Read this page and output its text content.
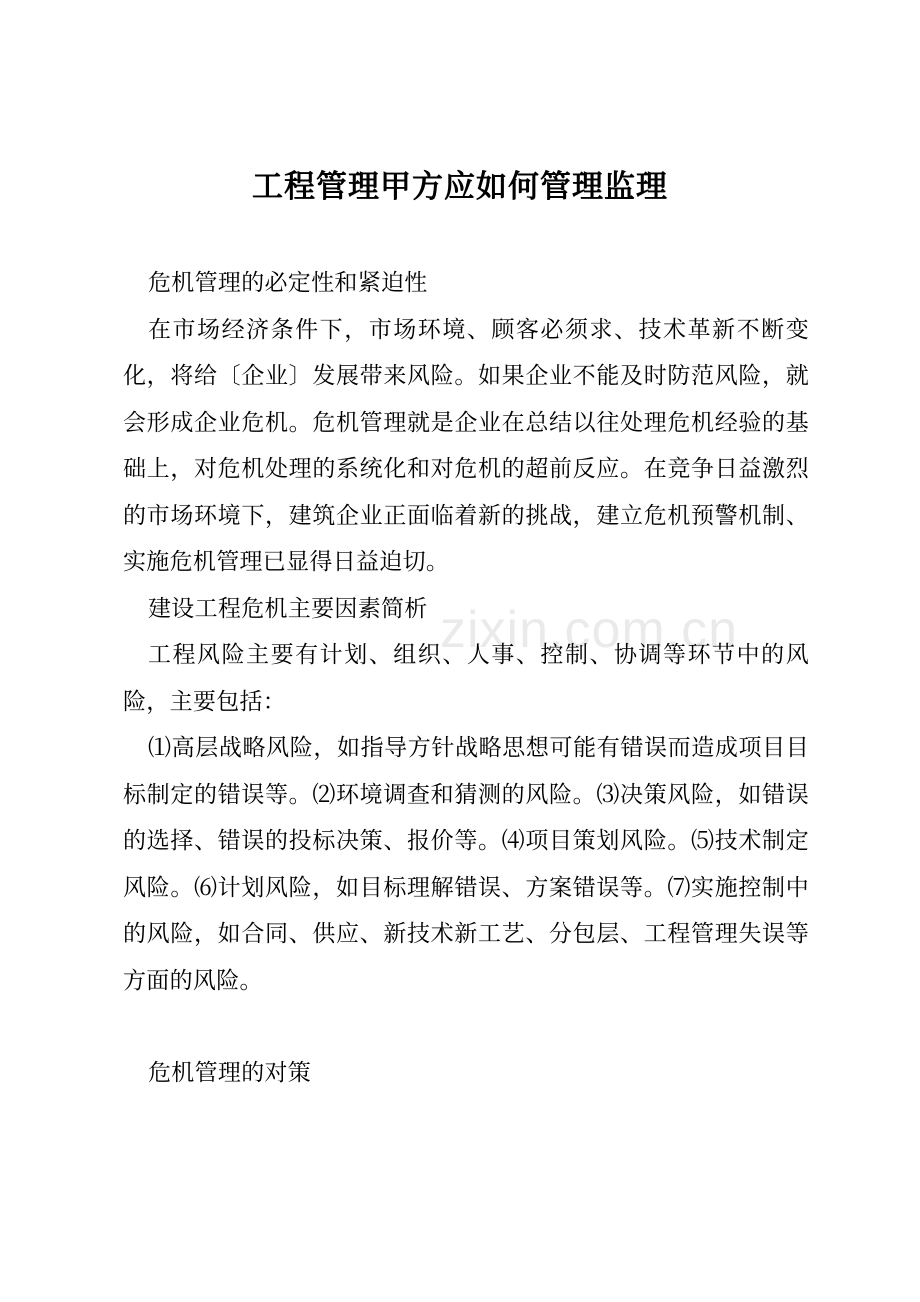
工程管理甲方应如何管理监理

危机管理的必定性和紧迫性

在市场经济条件下，市场环境、顾客必须求、技术革新不断变化，将给〔企业〕发展带来风险。如果企业不能及时防范风险，就会形成企业危机。危机管理就是企业在总结以往处理危机经验的基础上，对危机处理的系统化和对危机的超前反应。在竞争日益激烈的市场环境下，建筑企业正面临着新的挑战，建立危机预警机制、实施危机管理已显得日益迫切。

建设工程危机主要因素简析

工程风险主要有计划、组织、人事、控制、协调等环节中的风险，主要包括：

⑴高层战略风险，如指导方针战略思想可能有错误而造成项目目标制定的错误等。⑵环境调查和猜测的风险。⑶决策风险，如错误的选择、错误的投标决策、报价等。⑷项目策划风险。⑸技术制定风险。⑹计划风险，如目标理解错误、方案错误等。⑺实施控制中的风险，如合同、供应、新技术新工艺、分包层、工程管理失误等方面的风险。

危机管理的对策

zixin.com.cn
